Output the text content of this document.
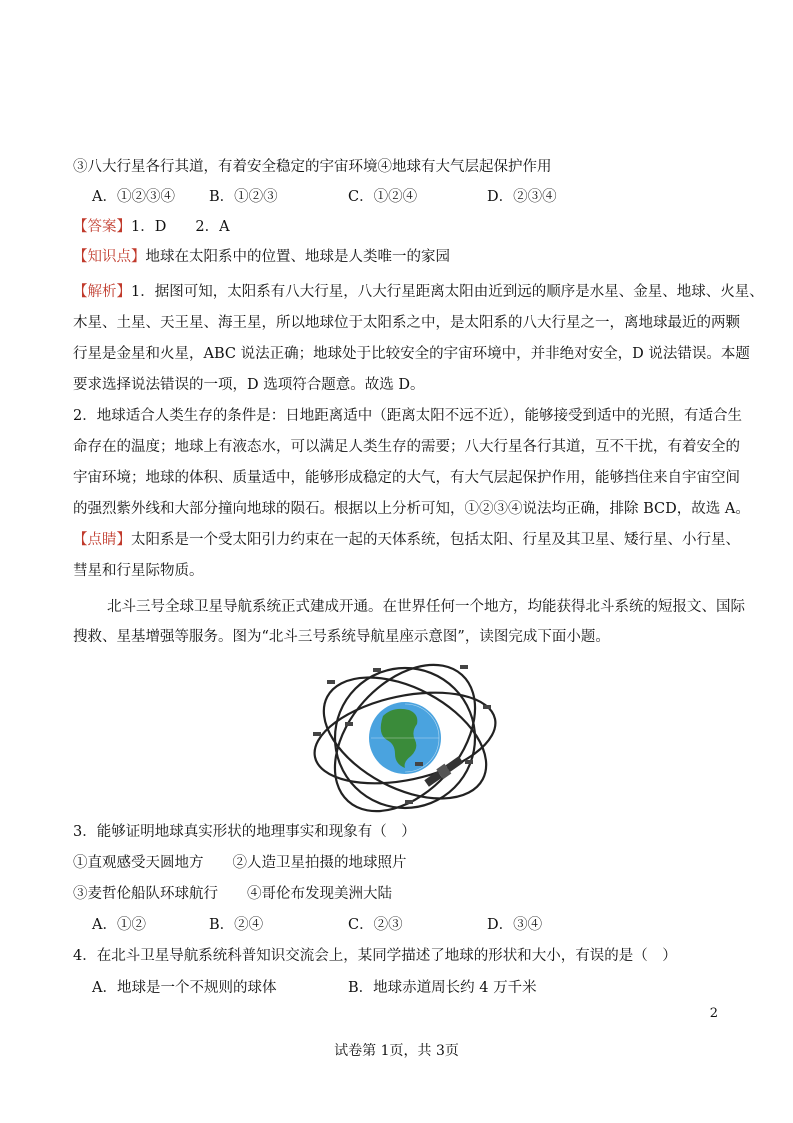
③八大行星各行其道，有着安全稳定的宇宙环境④地球有大气层起保护作用
A．①②③④ B．①②③	C．①②④	D．②③④
【答案】1．D　　2．A
【知识点】地球在太阳系中的位置、地球是人类唯一的家园
【解析】1．据图可知，太阳系有八大行星，八大行星距离太阳由近到远的顺序是水星、金星、地球、火星、
木星、土星、天王星、海王星，所以地球位于太阳系之中，是太阳系的八大行星之一，离地球最近的两颗
行星是金星和火星，ABC 说法正确；地球处于比较安全的宇宙环境中，并非绝对安全，D 说法错误。本题
要求选择说法错误的一项，D 选项符合题意。故选 D。
2．地球适合人类生存的条件是：日地距离适中（距离太阳不远不近），能够接受到适中的光照，有适合生
命存在的温度；地球上有液态水，可以满足人类生存的需要；八大行星各行其道，互不干扰，有着安全的
宇宙环境；地球的体积、质量适中，能够形成稳定的大气，有大气层起保护作用，能够挡住来自宇宙空间
的强烈紫外线和大部分撞向地球的陨石。根据以上分析可知，①②③④说法均正确，排除 BCD，故选 A。
【点睛】太阳系是一个受太阳引力约束在一起的天体系统，包括太阳、行星及其卫星、矮行星、小行星、
彗星和行星际物质。
北斗三号全球卫星导航系统正式建成开通。在世界任何一个地方，均能获得北斗系统的短报文、国际
搜救、星基增强等服务。图为“北斗三号系统导航星座示意图”，读图完成下面小题。
3．能够证明地球真实形状的地理事实和现象有（　）
①直观感受天圆地方　　②人造卫星拍摄的地球照片
③麦哲伦船队环球航行　　④哥伦布发现美洲大陆
A．①②	B．②④	C．②③	D．③④
4．在北斗卫星导航系统科普知识交流会上，某同学描述了地球的形状和大小，有误的是（　）
A．地球是一个不规则的球体	B．地球赤道周长约 4 万千米
2
试卷第 1页，共 3页
